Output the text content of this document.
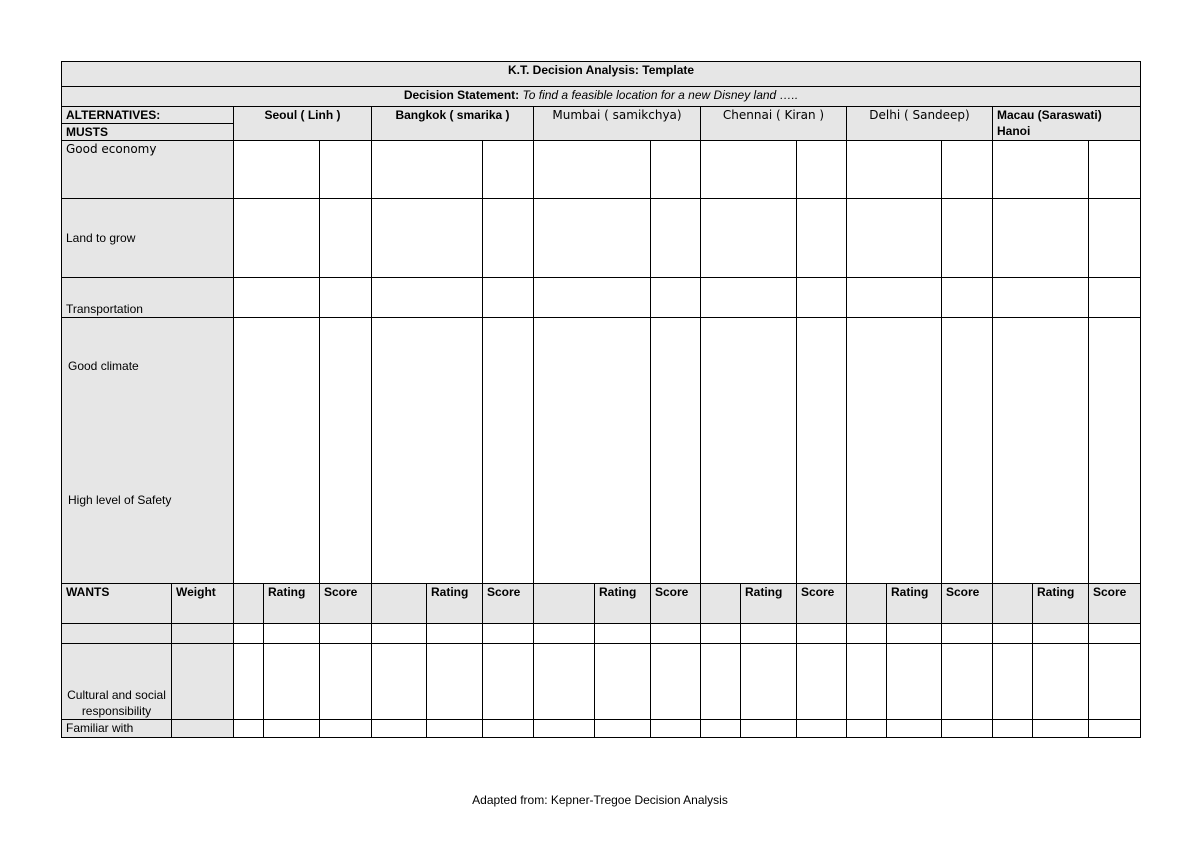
K.T. Decision Analysis: Template																			
Decision Statement: To find a feasible location for a new Disney land …..																			
ALTERNATIVES:		Seoul ( Linh )			Bangkok ( smarika )			Mumbai ( samikchya)			Chennai ( Kiran )			Delhi ( Sandeep)			Macau (Saraswati) Hanoi		
MUSTS																			
Good economy																			
Land to grow																			
Transportation																			

Good climate
High level of Safety																			

WANTS	Weight		Rating	Score		Rating	Score		Rating	Score		Rating	Score		Rating	Score		Rating	Score

Cultural and social responsibility																			
Familiar with																			
Adapted from: Kepner-Tregoe Decision Analysis
